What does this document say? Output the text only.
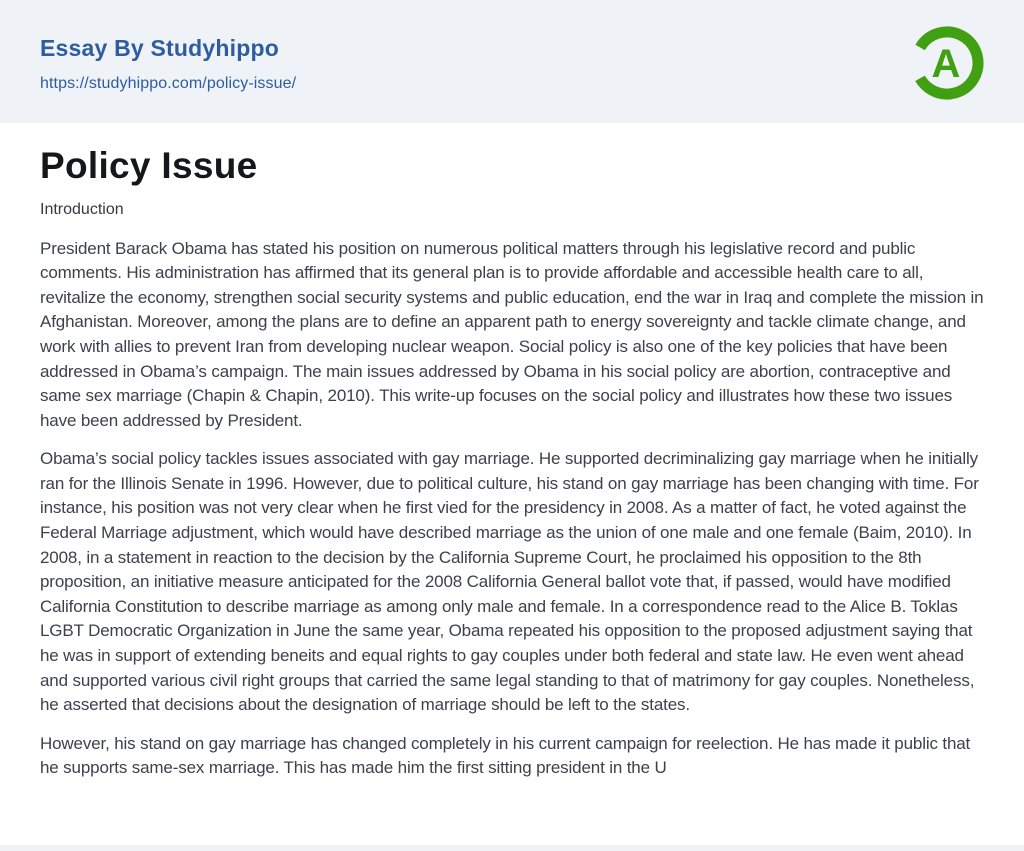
Essay By Studyhippo
https://studyhippo.com/policy-issue/	A
Policy Issue
Introduction

President Barack Obama has stated his position on numerous political matters through his legislative record and public comments. His administration has affirmed that its general plan is to provide affordable and accessible health care to all, revitalize the economy, strengthen social security systems and public education, end the war in Iraq and complete the mission in Afghanistan. Moreover, among the plans are to define an apparent path to energy sovereignty and tackle climate change, and work with allies to prevent Iran from developing nuclear weapon. Social policy is also one of the key policies that have been addressed in Obama’s campaign. The main issues addressed by Obama in his social policy are abortion, contraceptive and same sex marriage (Chapin & Chapin, 2010). This write-up focuses on the social policy and illustrates how these two issues have been addressed by President.

Obama’s social policy tackles issues associated with gay marriage. He supported decriminalizing gay marriage when he initially ran for the Illinois Senate in 1996. However, due to political culture, his stand on gay marriage has been changing with time. For instance, his position was not very clear when he first vied for the presidency in 2008. As a matter of fact, he voted against the Federal Marriage adjustment, which would have described marriage as the union of one male and one female (Baim, 2010). In 2008, in a statement in reaction to the decision by the California Supreme Court, he proclaimed his opposition to the 8th proposition, an initiative measure anticipated for the 2008 California General ballot vote that, if passed, would have modified California Constitution to describe marriage as among only male and female. In a correspondence read to the Alice B. Toklas LGBT Democratic Organization in June the same year, Obama repeated his opposition to the proposed adjustment saying that he was in support of extending beneits and equal rights to gay couples under both federal and state law. He even went ahead and supported various civil right groups that carried the same legal standing to that of matrimony for gay couples. Nonetheless, he asserted that decisions about the designation of marriage should be left to the states.

However, his stand on gay marriage has changed completely in his current campaign for reelection. He has made it public that he supports same-sex marriage. This has made him the first sitting president in the U
